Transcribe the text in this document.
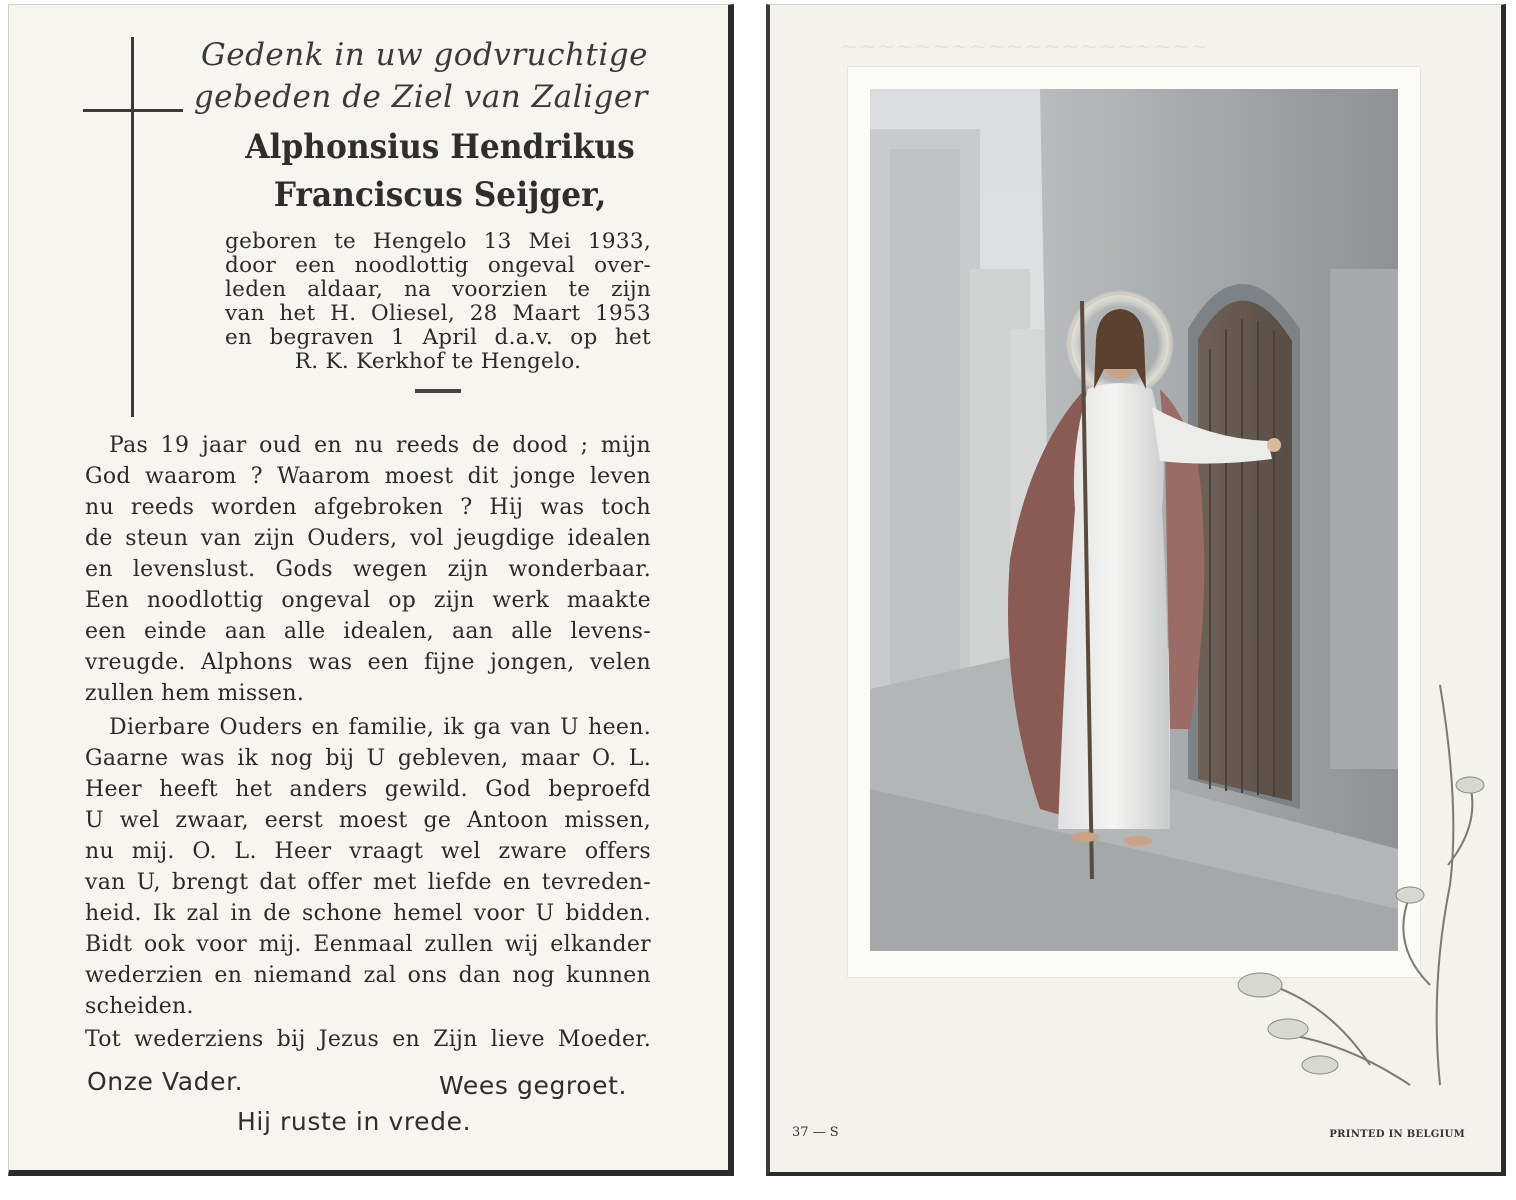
Gedenk in uw godvruchtige
gebeden de Ziel van Zaliger
Alphonsius Hendrikus
Franciscus Seijger,
geboren te Hengelo 13 Mei 1933,
door een noodlottig ongeval over-
leden aldaar, na voorzien te zijn
van het H. Oliesel, 28 Maart 1953
en begraven 1 April d.a.v. op het
R. K. Kerkhof te Hengelo.
Pas 19 jaar oud en nu reeds de dood ; mijn
God waarom ? Waarom moest dit jonge leven
nu reeds worden afgebroken ? Hij was toch
de steun van zijn Ouders, vol jeugdige idealen
en levenslust. Gods wegen zijn wonderbaar.
Een noodlottig ongeval op zijn werk maakte
een einde aan alle idealen, aan alle levens-
vreugde. Alphons was een fijne jongen, velen
zullen hem missen.
Dierbare Ouders en familie, ik ga van U heen.
Gaarne was ik nog bij U gebleven, maar O. L.
Heer heeft het anders gewild. God beproefd
U wel zwaar, eerst moest ge Antoon missen,
nu mij. O. L. Heer vraagt wel zware offers
van U, brengt dat offer met liefde en tevreden-
heid. Ik zal in de schone hemel voor U bidden.
Bidt ook voor mij. Eenmaal zullen wij elkander
wederzien en niemand zal ons dan nog kunnen
scheiden.
Tot wederziens bij Jezus en Zijn lieve Moeder.
Onze Vader.	Wees gegroet.
Hij ruste in vrede.
~~~~~~~~~~~~~~~~~~~~
37 — S	PRINTED IN BELGIUM
